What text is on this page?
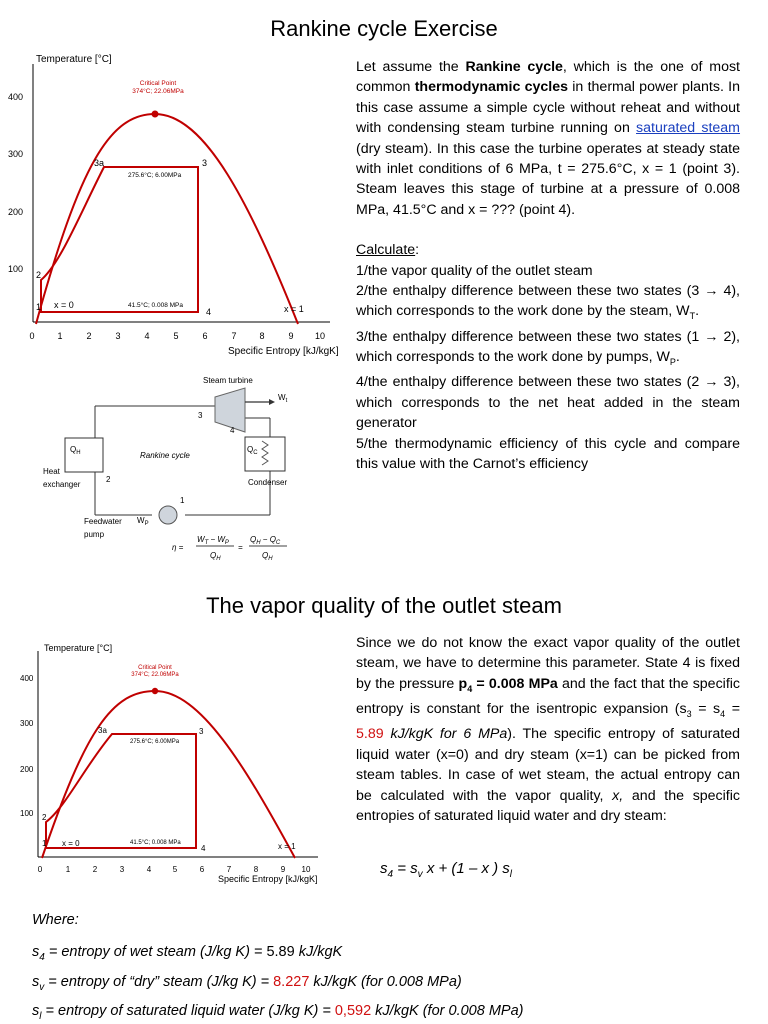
Rankine cycle Exercise
Temperature [°C]
Specific Entropy [kJ/kgK]
100
200
300
400
0	1	2	3	4	5	6	7	8	9 10
Critical Point
374°C; 22.06MPa
3a	3
2
1	4
x = 0	x = 1
275.6°C; 6.00MPa
41.5°C; 0.008 MPa
Steam turbine
$W_t$
$Q_H$	$Q_C$
Rankine cycle
Heat
exchanger	Condenser
Feedwater
pump
$W_P$
1
2
3
4
η =
$W_T - W_P$
$Q_H$
=
$Q_H - Q_C$
$Q_H$

Let assume the Rankine cycle, which is the one of most common thermodynamic cycles in thermal power plants. In this case assume a simple cycle without reheat and without with condensing steam turbine running on saturated steam (dry steam). In this case the turbine operates at steady state with inlet conditions of 6 MPa, t = 275.6°C, x = 1 (point 3). Steam leaves this stage of turbine at a pressure of 0.008 MPa, 41.5°C and x = ??? (point 4).

Calculate:

1/the vapor quality of the outlet steam

2/the enthalpy difference between these two states (3 → 4), which corresponds to the work done by the steam, $W_T$.

3/the enthalpy difference between these two states (1 → 2), which corresponds to the work done by pumps, $W_P$.

4/the enthalpy difference between these two states (2 → 3), which corresponds to the net heat added in the steam generator

5/the thermodynamic efficiency of this cycle and compare this value with the Carnot’s efficiency

The vapor quality of the outlet steam
Temperature [°C]
Specific Entropy [kJ/kgK]
100
200
300
400
0	1	2	3	4	5	6	7	8	9 10
Critical Point
374°C; 22.06MPa
3a	3
2
1
4
x = 0	x = 1
275.6°C; 6.00MPa
41.5°C; 0.008 MPa

Since we do not know the exact vapor quality of the outlet steam, we have to determine this parameter. State 4 is fixed by the pressure $p_4 = 0.008$ MPa and the fact that the specific entropy is constant for the isentropic expansion ($s_3 = s_4 = 5.89$ kJ/kgK for 6 MPa). The specific entropy of saturated liquid water (x=0) and dry steam (x=1) can be picked from steam tables. In case of wet steam, the actual entropy can be calculated with the vapor quality, x, and the specific entropies of saturated liquid water and dry steam:

$s_4 = s_v$ x + (1 – x ) $s_l$
Where:
$s_4$ = entropy of wet steam (J/kg K) = 5.89 kJ/kgK
$s_v$ = entropy of “dry” steam (J/kg K) = 8.227 kJ/kgK (for 0.008 MPa)
$s_l$ = entropy of saturated liquid water (J/kg K) = 0,592 kJ/kgK (for 0.008 MPa)
